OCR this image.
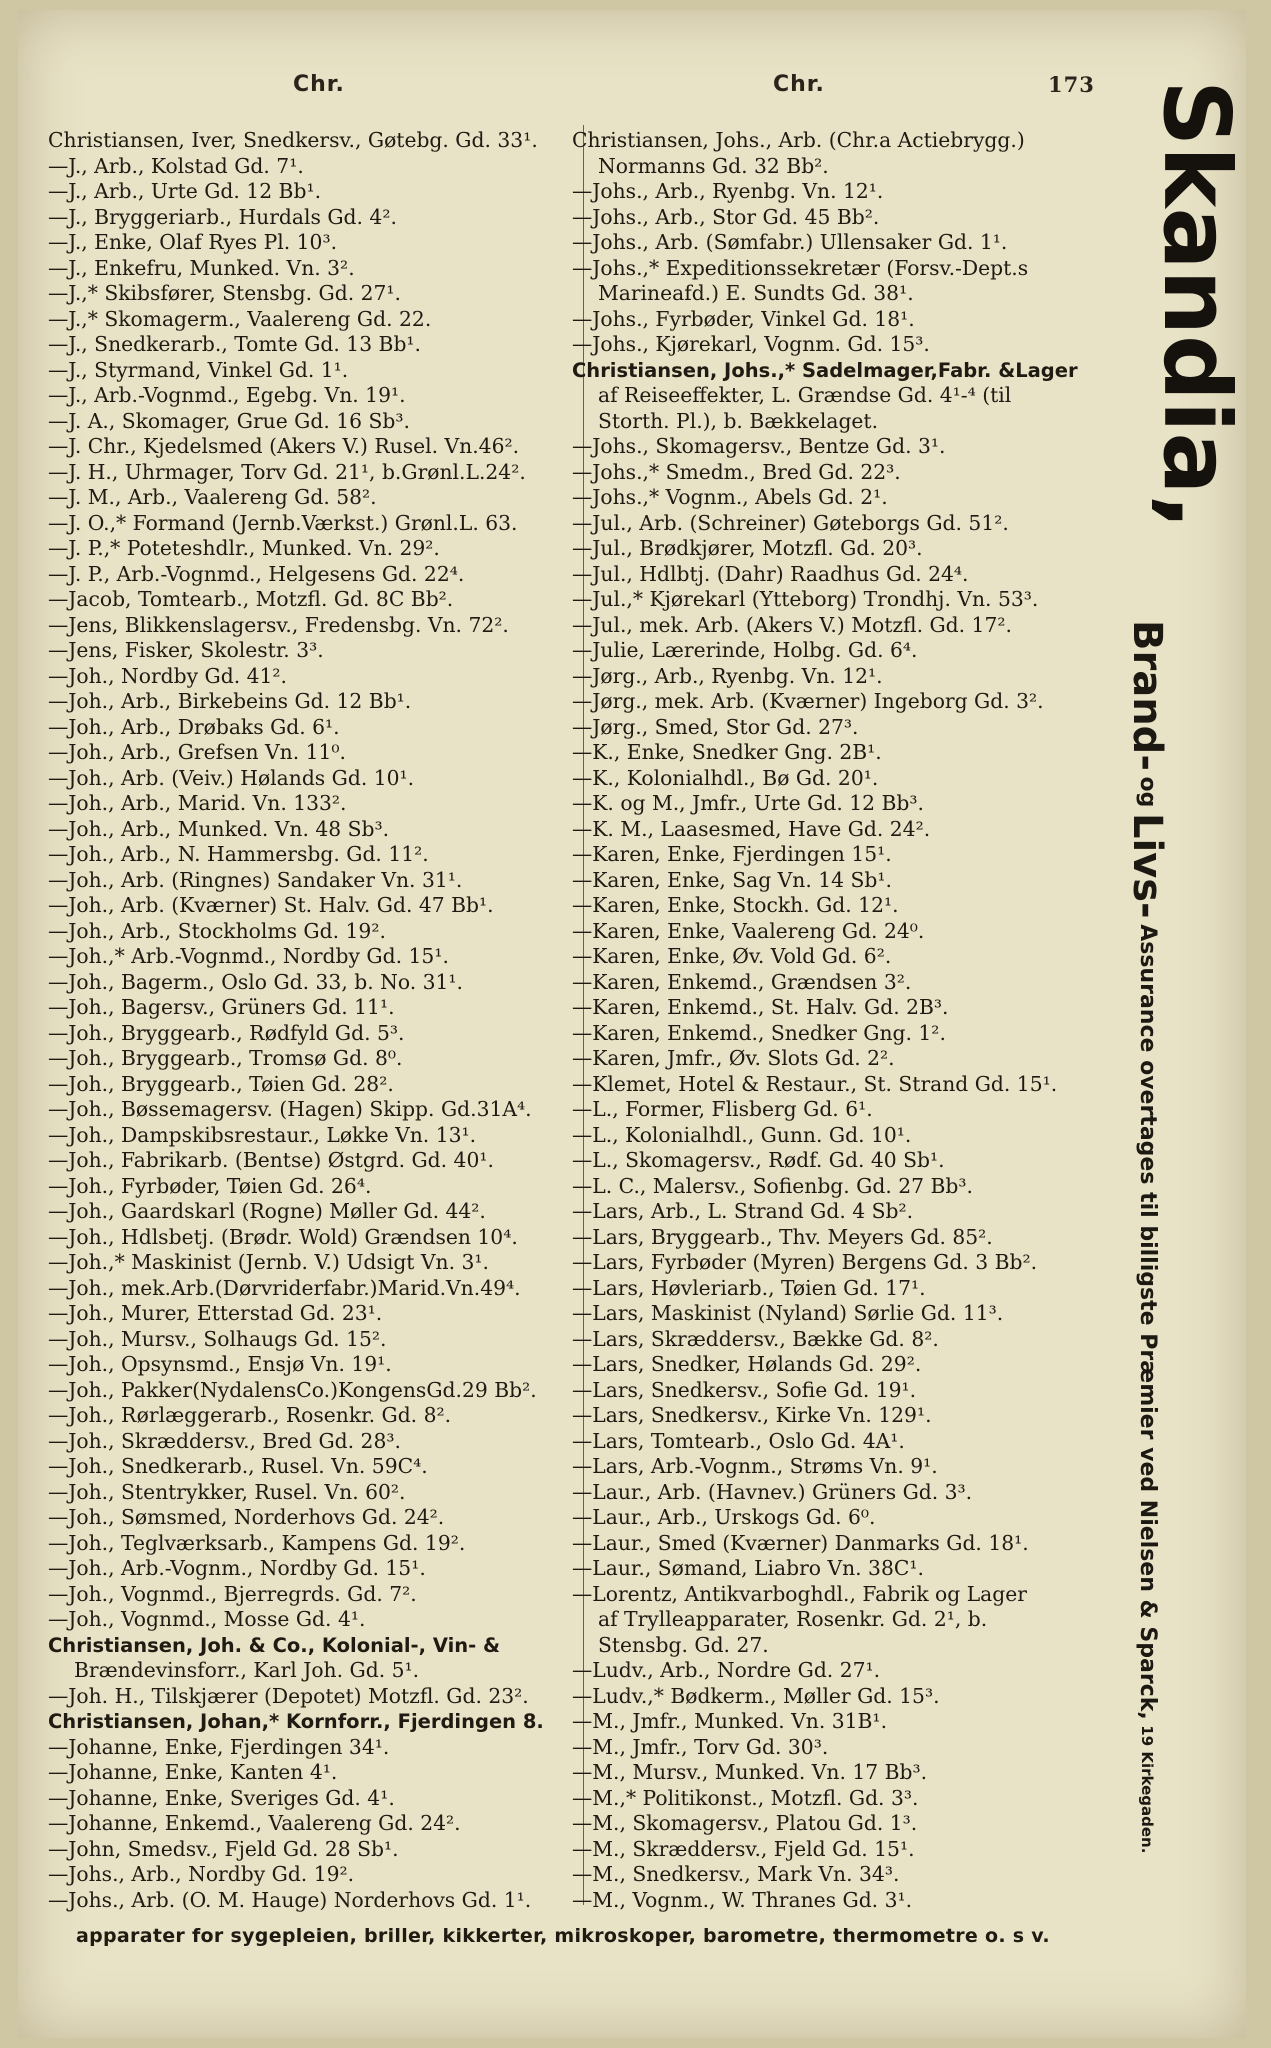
Chr.	Chr.	173
Christiansen, Iver, Snedkersv., Gøtebg. Gd. 33¹.
—J., Arb., Kolstad Gd. 7¹.
—J., Arb., Urte Gd. 12 Bb¹.
—J., Bryggeriarb., Hurdals Gd. 4².
—J., Enke, Olaf Ryes Pl. 10³.
—J., Enkefru, Munked. Vn. 3².
—J.,* Skibsfører, Stensbg. Gd. 27¹.
—J.,* Skomagerm., Vaalereng Gd. 22.
—J., Snedkerarb., Tomte Gd. 13 Bb¹.
—J., Styrmand, Vinkel Gd. 1¹.
—J., Arb.-Vognmd., Egebg. Vn. 19¹.
—J. A., Skomager, Grue Gd. 16 Sb³.
—J. Chr., Kjedelsmed (Akers V.) Rusel. Vn.46².
—J. H., Uhrmager, Torv Gd. 21¹, b.Grønl.L.24².
—J. M., Arb., Vaalereng Gd. 58².
—J. O.,* Formand (Jernb.Værkst.) Grønl.L. 63.
—J. P.,* Poteteshdlr., Munked. Vn. 29².
—J. P., Arb.-Vognmd., Helgesens Gd. 22⁴.
—Jacob, Tomtearb., Motzfl. Gd. 8C Bb².
—Jens, Blikkenslagersv., Fredensbg. Vn. 72².
—Jens, Fisker, Skolestr. 3³.
—Joh., Nordby Gd. 41².
—Joh., Arb., Birkebeins Gd. 12 Bb¹.
—Joh., Arb., Drøbaks Gd. 6¹.
—Joh., Arb., Grefsen Vn. 11⁰.
—Joh., Arb. (Veiv.) Hølands Gd. 10¹.
—Joh., Arb., Marid. Vn. 133².
—Joh., Arb., Munked. Vn. 48 Sb³.
—Joh., Arb., N. Hammersbg. Gd. 11².
—Joh., Arb. (Ringnes) Sandaker Vn. 31¹.
—Joh., Arb. (Kværner) St. Halv. Gd. 47 Bb¹.
—Joh., Arb., Stockholms Gd. 19².
—Joh.,* Arb.-Vognmd., Nordby Gd. 15¹.
—Joh., Bagerm., Oslo Gd. 33, b. No. 31¹.
—Joh., Bagersv., Grüners Gd. 11¹.
—Joh., Bryggearb., Rødfyld Gd. 5³.
—Joh., Bryggearb., Tromsø Gd. 8⁰.
—Joh., Bryggearb., Tøien Gd. 28².
—Joh., Bøssemagersv. (Hagen) Skipp. Gd.31A⁴.
—Joh., Dampskibsrestaur., Løkke Vn. 13¹.
—Joh., Fabrikarb. (Bentse) Østgrd. Gd. 40¹.
—Joh., Fyrbøder, Tøien Gd. 26⁴.
—Joh., Gaardskarl (Rogne) Møller Gd. 44².
—Joh., Hdlsbetj. (Brødr. Wold) Grændsen 10⁴.
—Joh.,* Maskinist (Jernb. V.) Udsigt Vn. 3¹.
—Joh., mek.Arb.(Dørvriderfabr.)Marid.Vn.49⁴.
—Joh., Murer, Etterstad Gd. 23¹.
—Joh., Mursv., Solhaugs Gd. 15².
—Joh., Opsynsmd., Ensjø Vn. 19¹.
—Joh., Pakker(NydalensCo.)KongensGd.29 Bb².
—Joh., Rørlæggerarb., Rosenkr. Gd. 8².
—Joh., Skræddersv., Bred Gd. 28³.
—Joh., Snedkerarb., Rusel. Vn. 59C⁴.
—Joh., Stentrykker, Rusel. Vn. 60².
—Joh., Sømsmed, Norderhovs Gd. 24².
—Joh., Teglværksarb., Kampens Gd. 19².
—Joh., Arb.-Vognm., Nordby Gd. 15¹.
—Joh., Vognmd., Bjerregrds. Gd. 7².
—Joh., Vognmd., Mosse Gd. 4¹.
Christiansen, Joh. & Co., Kolonial-, Vin- &
Brændevinsforr., Karl Joh. Gd. 5¹.
—Joh. H., Tilskjærer (Depotet) Motzfl. Gd. 23².
Christiansen, Johan,* Kornforr., Fjerdingen 8.
—Johanne, Enke, Fjerdingen 34¹.
—Johanne, Enke, Kanten 4¹.
—Johanne, Enke, Sveriges Gd. 4¹.
—Johanne, Enkemd., Vaalereng Gd. 24².
—John, Smedsv., Fjeld Gd. 28 Sb¹.
—Johs., Arb., Nordby Gd. 19².
—Johs., Arb. (O. M. Hauge) Norderhovs Gd. 1¹.
Christiansen, Johs., Arb. (Chr.a Actiebrygg.)
Normanns Gd. 32 Bb².
—Johs., Arb., Ryenbg. Vn. 12¹.
—Johs., Arb., Stor Gd. 45 Bb².
—Johs., Arb. (Sømfabr.) Ullensaker Gd. 1¹.
—Johs.,* Expeditionssekretær (Forsv.-Dept.s
Marineafd.) E. Sundts Gd. 38¹.
—Johs., Fyrbøder, Vinkel Gd. 18¹.
—Johs., Kjørekarl, Vognm. Gd. 15³.
Christiansen, Johs.,* Sadelmager,Fabr. &Lager
af Reiseeffekter, L. Grændse Gd. 4¹-⁴ (til
Storth. Pl.), b. Bækkelaget.
—Johs., Skomagersv., Bentze Gd. 3¹.
—Johs.,* Smedm., Bred Gd. 22³.
—Johs.,* Vognm., Abels Gd. 2¹.
—Jul., Arb. (Schreiner) Gøteborgs Gd. 51².
—Jul., Brødkjører, Motzfl. Gd. 20³.
—Jul., Hdlbtj. (Dahr) Raadhus Gd. 24⁴.
—Jul.,* Kjørekarl (Ytteborg) Trondhj. Vn. 53³.
—Jul., mek. Arb. (Akers V.) Motzfl. Gd. 17².
—Julie, Lærerinde, Holbg. Gd. 6⁴.
—Jørg., Arb., Ryenbg. Vn. 12¹.
—Jørg., mek. Arb. (Kværner) Ingeborg Gd. 3².
—Jørg., Smed, Stor Gd. 27³.
—K., Enke, Snedker Gng. 2B¹.
—K., Kolonialhdl., Bø Gd. 20¹.
—K. og M., Jmfr., Urte Gd. 12 Bb³.
—K. M., Laasesmed, Have Gd. 24².
—Karen, Enke, Fjerdingen 15¹.
—Karen, Enke, Sag Vn. 14 Sb¹.
—Karen, Enke, Stockh. Gd. 12¹.
—Karen, Enke, Vaalereng Gd. 24⁰.
—Karen, Enke, Øv. Vold Gd. 6².
—Karen, Enkemd., Grændsen 3².
—Karen, Enkemd., St. Halv. Gd. 2B³.
—Karen, Enkemd., Snedker Gng. 1².
—Karen, Jmfr., Øv. Slots Gd. 2².
—Klemet, Hotel & Restaur., St. Strand Gd. 15¹.
—L., Former, Flisberg Gd. 6¹.
—L., Kolonialhdl., Gunn. Gd. 10¹.
—L., Skomagersv., Rødf. Gd. 40 Sb¹.
—L. C., Malersv., Sofienbg. Gd. 27 Bb³.
—Lars, Arb., L. Strand Gd. 4 Sb².
—Lars, Bryggearb., Thv. Meyers Gd. 85².
—Lars, Fyrbøder (Myren) Bergens Gd. 3 Bb².
—Lars, Høvleriarb., Tøien Gd. 17¹.
—Lars, Maskinist (Nyland) Sørlie Gd. 11³.
—Lars, Skræddersv., Bække Gd. 8².
—Lars, Snedker, Hølands Gd. 29².
—Lars, Snedkersv., Sofie Gd. 19¹.
—Lars, Snedkersv., Kirke Vn. 129¹.
—Lars, Tomtearb., Oslo Gd. 4A¹.
—Lars, Arb.-Vognm., Strøms Vn. 9¹.
—Laur., Arb. (Havnev.) Grüners Gd. 3³.
—Laur., Arb., Urskogs Gd. 6⁰.
—Laur., Smed (Kværner) Danmarks Gd. 18¹.
—Laur., Sømand, Liabro Vn. 38C¹.
—Lorentz, Antikvarboghdl., Fabrik og Lager
af Trylleapparater, Rosenkr. Gd. 2¹, b.
Stensbg. Gd. 27.
—Ludv., Arb., Nordre Gd. 27¹.
—Ludv.,* Bødkerm., Møller Gd. 15³.
—M., Jmfr., Munked. Vn. 31B¹.
—M., Jmfr., Torv Gd. 30³.
—M., Mursv., Munked. Vn. 17 Bb³.
—M.,* Politikonst., Motzfl. Gd. 3³.
—M., Skomagersv., Platou Gd. 1³.
—M., Skræddersv., Fjeld Gd. 15¹.
—M., Snedkersv., Mark Vn. 34³.
—M., Vognm., W. Thranes Gd. 3¹.
Skandia,
Brand- og Livs- Assurance overtages til billigste Præmier ved Nielsen & Sparck, 19 Kirkegaden.
apparater for sygepleien, briller, kikkerter, mikroskoper, barometre, thermometre o. s v.
